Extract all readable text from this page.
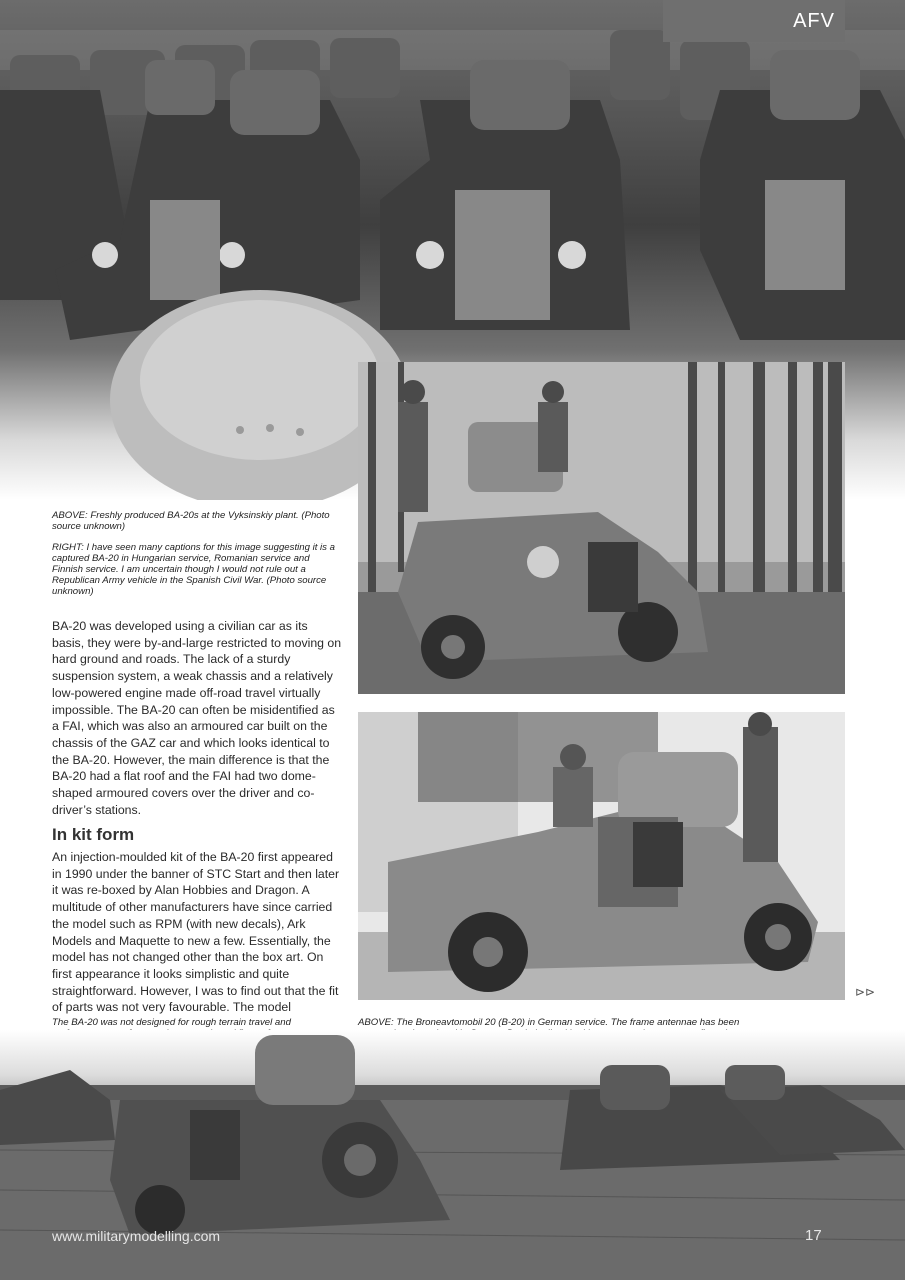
AFV
ABOVE: Freshly produced BA-20s at the Vyksinskiy plant. (Photo source unknown)
RIGHT: I have seen many captions for this image suggesting it is a captured BA-20 in Hungarian service, Romanian service and Finnish service. I am uncertain though I would not rule out a Republican Army vehicle in the Spanish Civil War. (Photo source unknown)

BA-20 was developed using a civilian car as its basis, they were by-and-large restricted to moving on hard ground and roads. The lack of a sturdy suspension system, a weak chassis and a relatively low-powered engine made off-road travel virtually impossible. The BA-20 can often be misidentified as a FAI, which was also an armoured car built on the chassis of the GAZ car and which looks identical to the BA-20. However, the main difference is that the BA-20 had a flat roof and the FAI had two dome-shaped armoured covers over the driver and co-driver’s stations.

In kit form

An injection-moulded kit of the BA-20 first appeared in 1990 under the banner of STC Start and then later it was re-boxed by Alan Hobbies and Dragon. A multitude of other manufacturers have since carried the model such as RPM (with new decals), Ark Models and Maquette to new a few. Essentially, the model has not changed other than the box art. On first appearance it looks simplistic and quite straightforward. However, I was to find out that the fit of parts was not very favourable. The model

⊳⊳
The BA-20 was not designed for rough terrain travel and	ABOVE: The Broneavtomobil 20 (B-20) in German service. The frame antennae has been
www.militarymodelling.com	17
